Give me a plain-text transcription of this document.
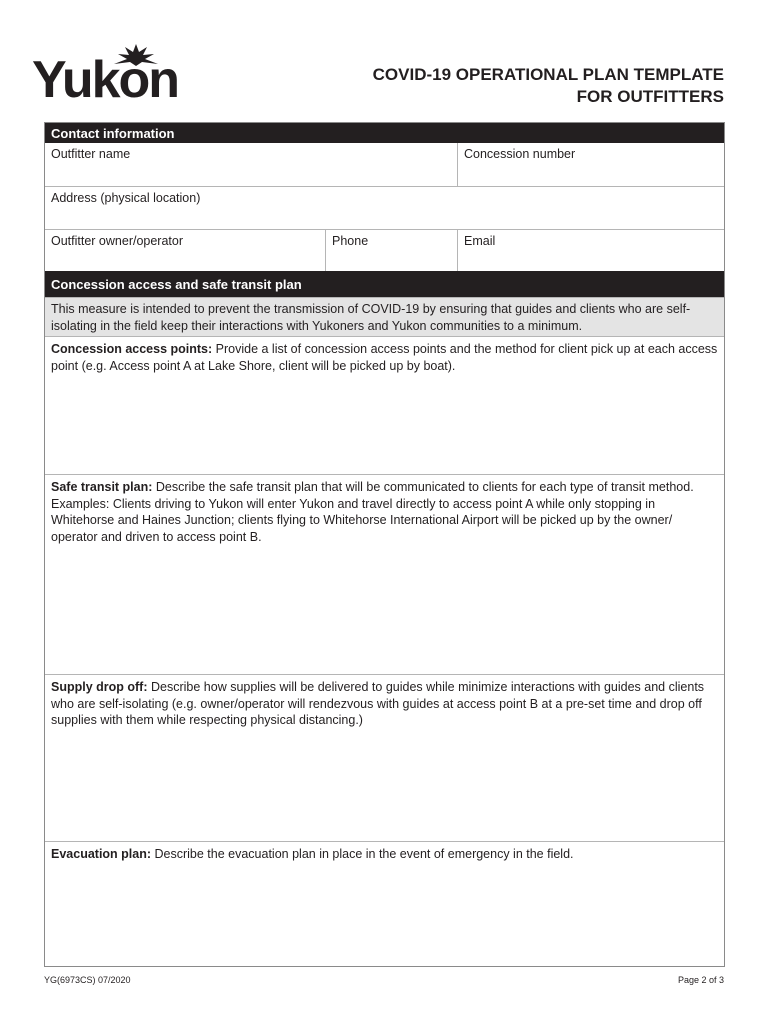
Yukon	COVID-19 OPERATIONAL PLAN TEMPLATE
FOR OUTFITTERS
Contact information
Outfitter name	Concession number
Address (physical location)
Outfitter owner/operator	Phone	Email
Concession access and safe transit plan
This measure is intended to prevent the transmission of COVID-19 by ensuring that guides and clients who are self-isolating in the field keep their interactions with Yukoners and Yukon communities to a minimum.
Concession access points: Provide a list of concession access points and the method for client pick up at each access point (e.g. Access point A at Lake Shore, client will be picked up by boat).
Safe transit plan: Describe the safe transit plan that will be communicated to clients for each type of transit method. Examples: Clients driving to Yukon will enter Yukon and travel directly to access point A while only stopping in Whitehorse and Haines Junction; clients flying to Whitehorse International Airport will be picked up by the owner/ operator and driven to access point B.
Supply drop off: Describe how supplies will be delivered to guides while minimize interactions with guides and clients who are self-isolating (e.g. owner/operator will rendezvous with guides at access point B at a pre-set time and drop off supplies with them while respecting physical distancing.)
Evacuation plan: Describe the evacuation plan in place in the event of emergency in the field.
YG(6973CS) 07/2020	Page 2 of 3
